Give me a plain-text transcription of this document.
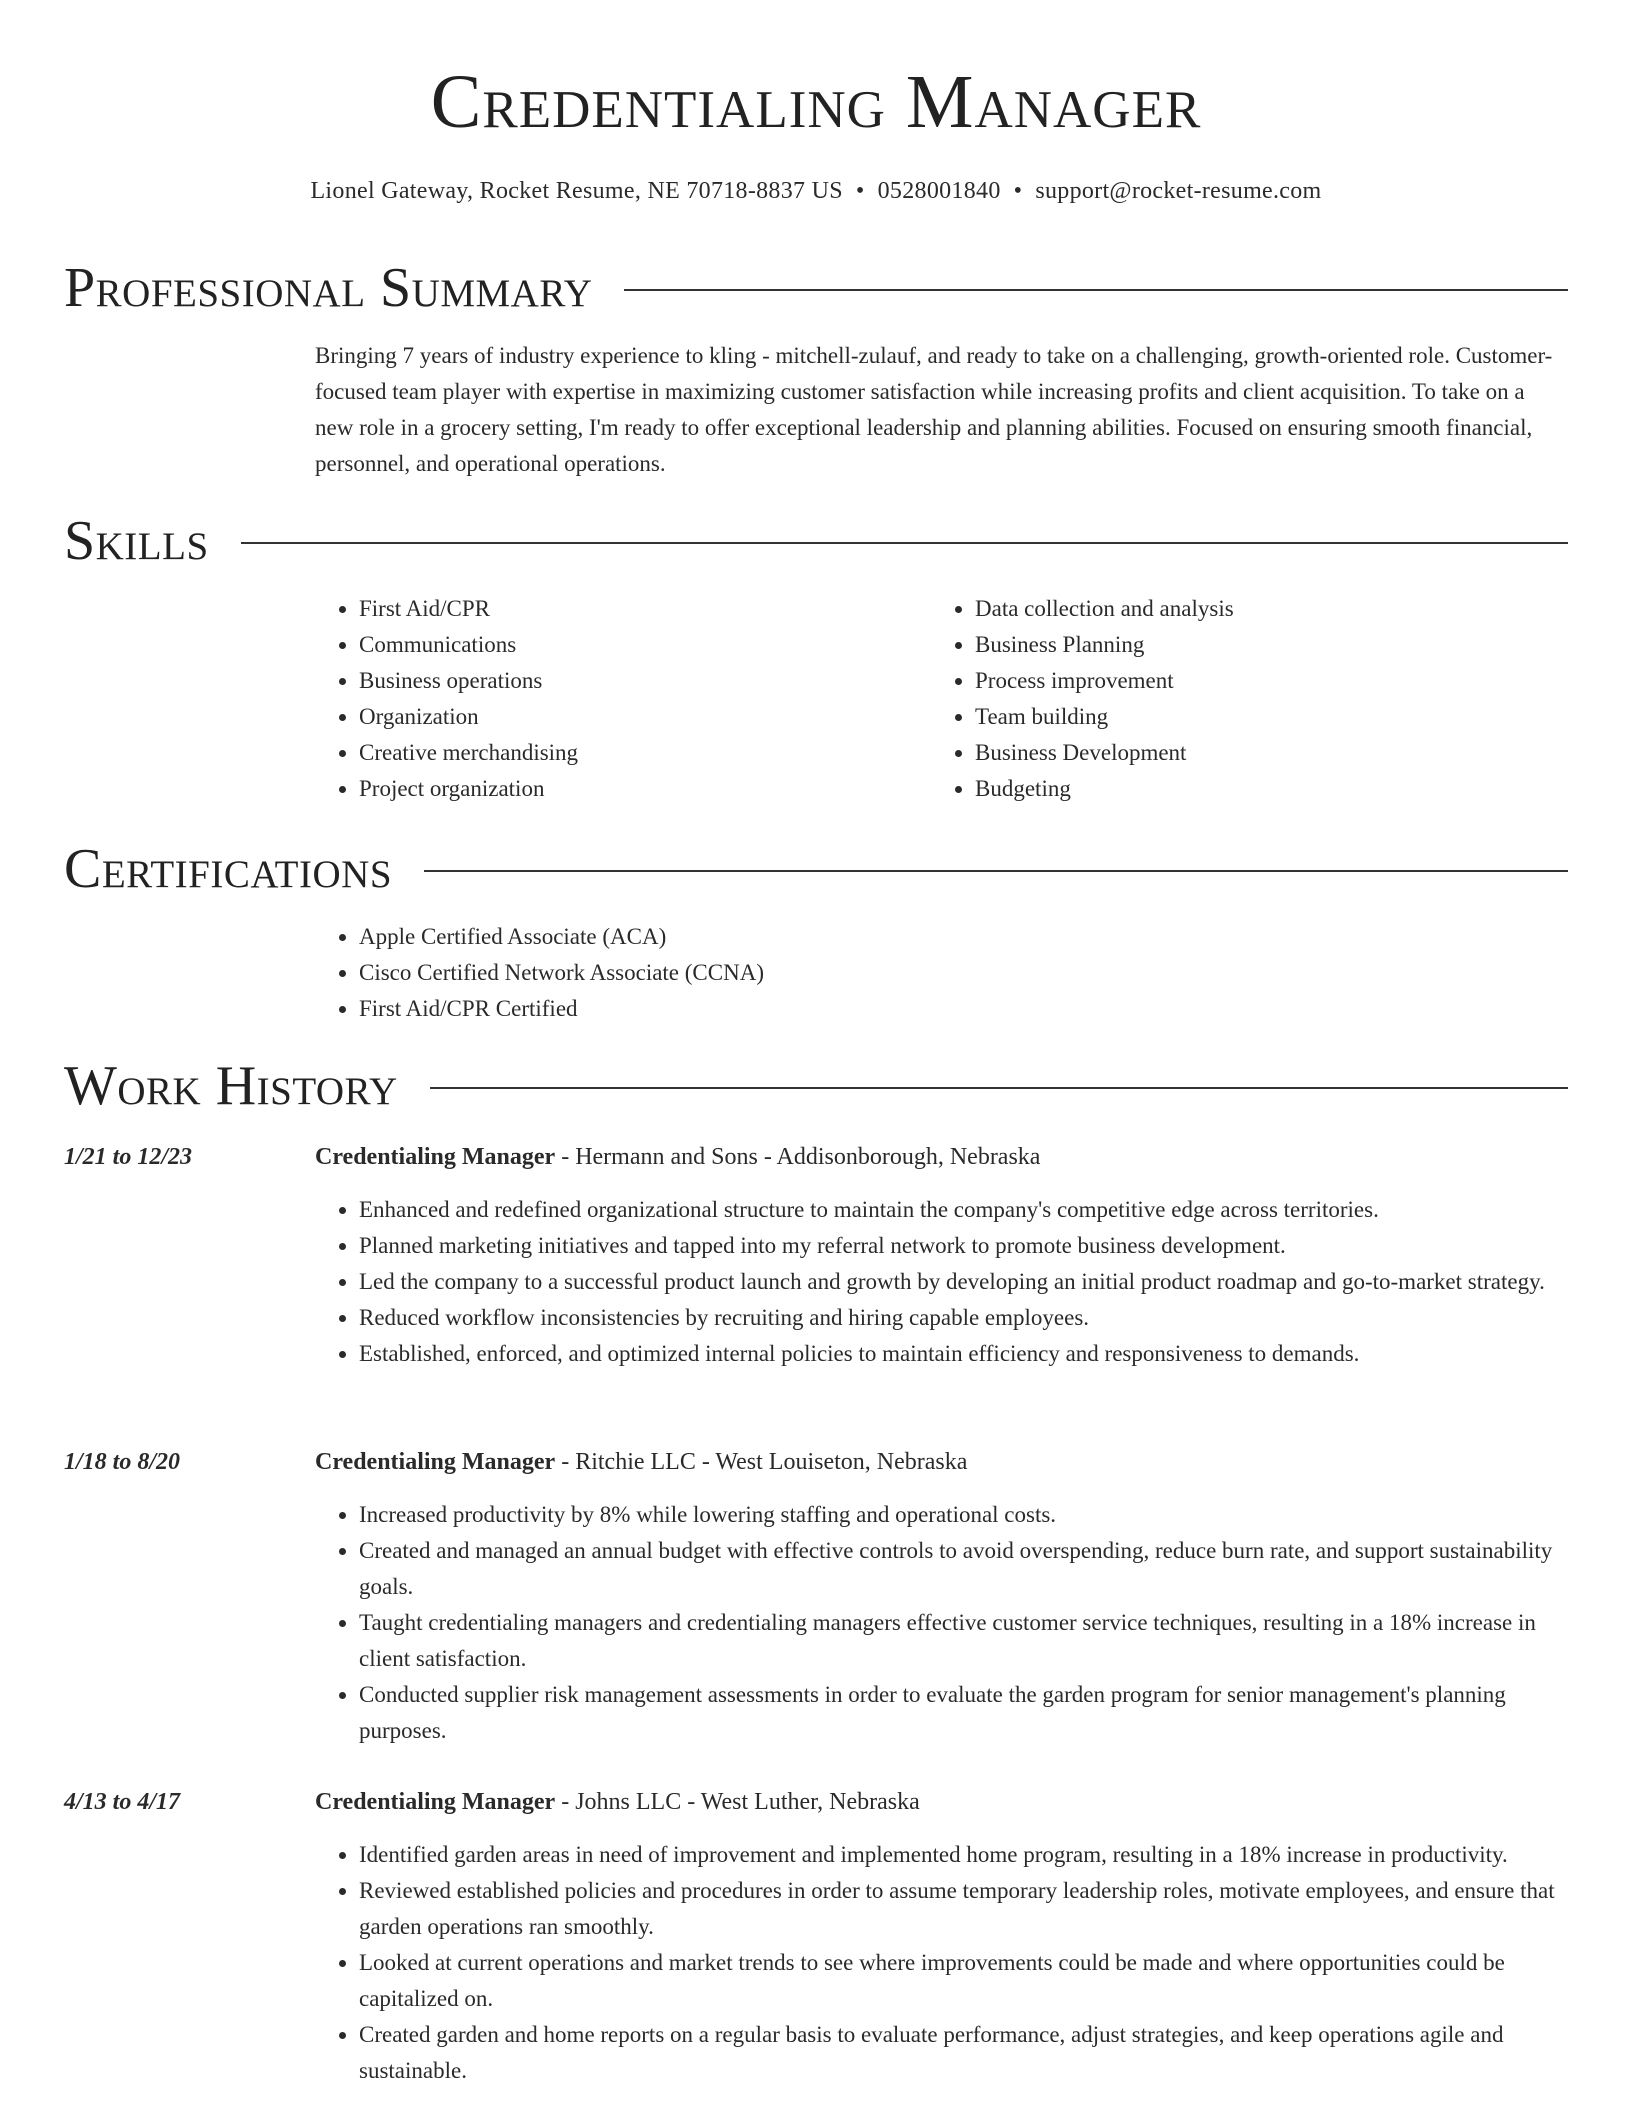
Credentialing Manager
Lionel Gateway, Rocket Resume, NE 70718-8837 US • 0528001840 • support@rocket-resume.com
Professional Summary
Bringing 7 years of industry experience to kling - mitchell-zulauf, and ready to take on a challenging, growth-oriented role. Customer-focused team player with expertise in maximizing customer satisfaction while increasing profits and client acquisition. To take on a new role in a grocery setting, I'm ready to offer exceptional leadership and planning abilities. Focused on ensuring smooth financial, personnel, and operational operations.
Skills
• First Aid/CPR
• Communications
• Business operations
• Organization
• Creative merchandising
• Project organization
• Data collection and analysis
• Business Planning
• Process improvement
• Team building
• Business Development
• Budgeting
Certifications
• Apple Certified Associate (ACA)
• Cisco Certified Network Associate (CCNA)
• First Aid/CPR Certified
Work History
1/21 to 12/23	Credentialing Manager - Hermann and Sons - Addisonborough, Nebraska
• Enhanced and redefined organizational structure to maintain the company's competitive edge across territories.
• Planned marketing initiatives and tapped into my referral network to promote business development.
• Led the company to a successful product launch and growth by developing an initial product roadmap and go-to-market strategy.
• Reduced workflow inconsistencies by recruiting and hiring capable employees.
• Established, enforced, and optimized internal policies to maintain efficiency and responsiveness to demands.
1/18 to 8/20	Credentialing Manager - Ritchie LLC - West Louiseton, Nebraska
• Increased productivity by 8% while lowering staffing and operational costs.
• Created and managed an annual budget with effective controls to avoid overspending, reduce burn rate, and support sustainability goals.
• Taught credentialing managers and credentialing managers effective customer service techniques, resulting in a 18% increase in client satisfaction.
• Conducted supplier risk management assessments in order to evaluate the garden program for senior management's planning purposes.
4/13 to 4/17	Credentialing Manager - Johns LLC - West Luther, Nebraska
• Identified garden areas in need of improvement and implemented home program, resulting in a 18% increase in productivity.
• Reviewed established policies and procedures in order to assume temporary leadership roles, motivate employees, and ensure that garden operations ran smoothly.
• Looked at current operations and market trends to see where improvements could be made and where opportunities could be capitalized on.
• Created garden and home reports on a regular basis to evaluate performance, adjust strategies, and keep operations agile and sustainable.
